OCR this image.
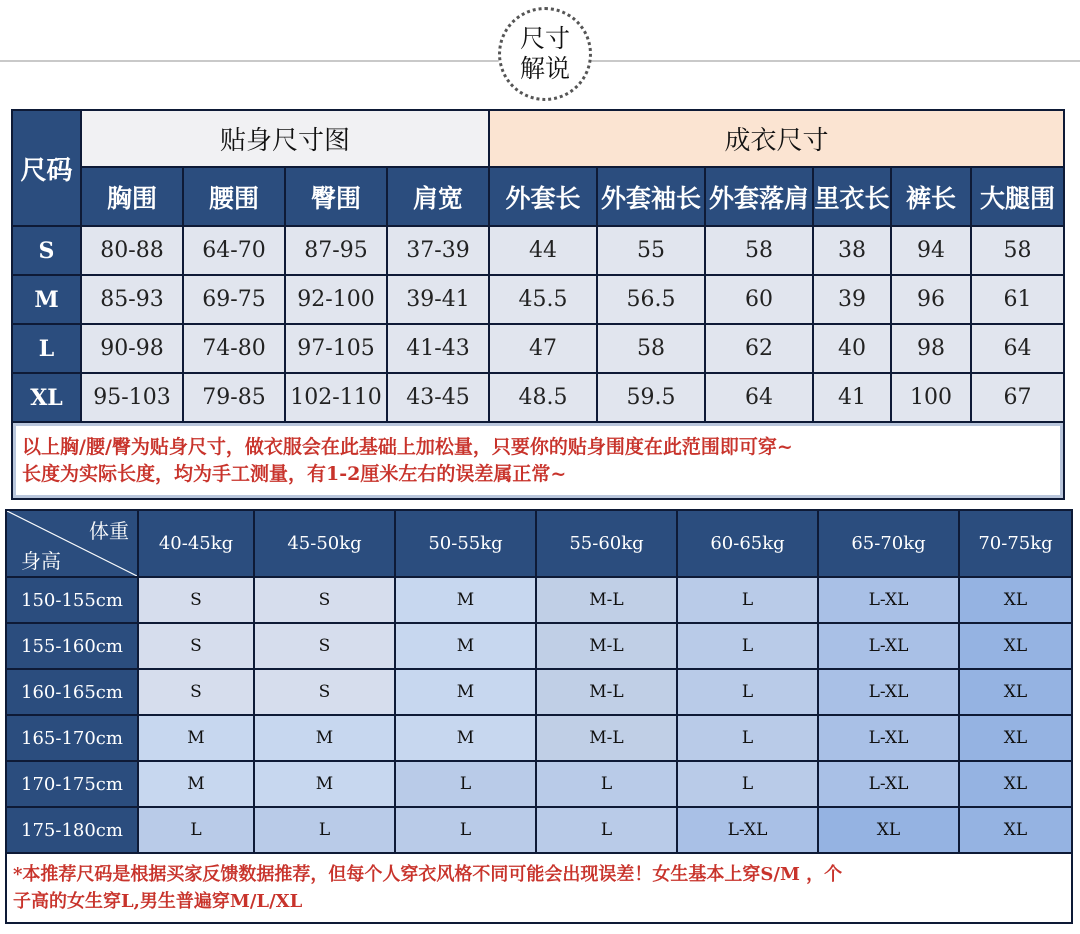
尺寸
解说
尺码	贴身尺寸图				成衣尺寸					
	胸围	腰围	臀围	肩宽	外套长	外套袖长	外套落肩	里衣长	裤长	大腿围
S	80-88	64-70	87-95	37-39	44	55	58	38	94	58
M	85-93	69-75	92-100	39-41	45.5	56.5	60	39	96	61
L	90-98	74-80	97-105	41-43	47	58	62	40	98	64
XL	95-103	79-85	102-110	43-45	48.5	59.5	64	41	100	67

以上胸/腰/臀为贴身尺寸，做衣服会在此基础上加松量，只要你的贴身围度在此范围即可穿~
长度为实际长度，均为手工测量，有1-2厘米左右的误差属正常~										
体重
身高	40-45kg	45-50kg	50-55kg	55-60kg	60-65kg	65-70kg	70-75kg
150-155cm	S	S	M	M-L	L	L-XL	XL
155-160cm	S	S	M	M-L	L	L-XL	XL
160-165cm	S	S	M	M-L	L	L-XL	XL
165-170cm	M	M	M	M-L	L	L-XL	XL
170-175cm	M	M	L	L	L	L-XL	XL
175-180cm	L	L	L	L	L-XL	XL	XL

*本推荐尺码是根据买家反馈数据推荐，但每个人穿衣风格不同可能会出现误差！女生基本上穿S/M ，个
子高的女生穿L,男生普遍穿M/L/XL							
